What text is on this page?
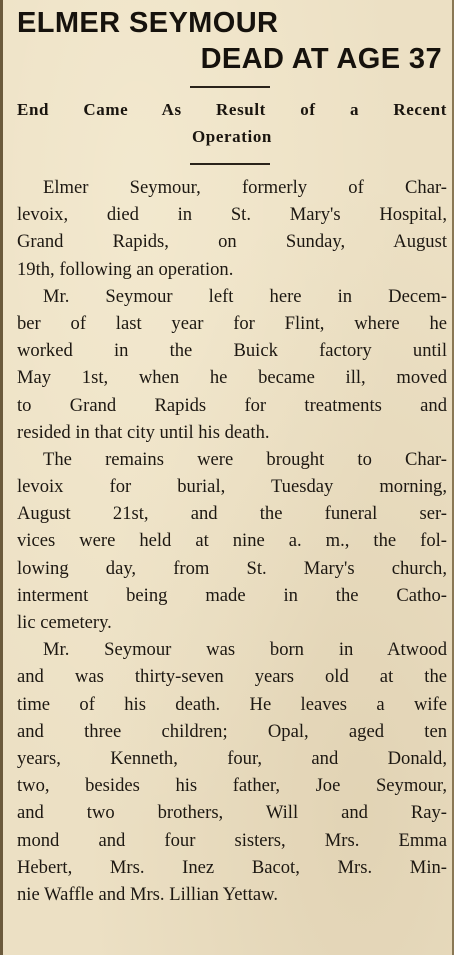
ELMER SEYMOUR
DEAD AT AGE 37
End Came As Result of a Recent
Operation
Elmer Seymour, formerly of Char-
levoix, died in St. Mary's Hospital,
Grand Rapids, on Sunday, August
19th, following an operation.
Mr. Seymour left here in Decem-
ber of last year for Flint, where he
worked in the Buick factory until
May 1st, when he became ill, moved
to Grand Rapids for treatments and
resided in that city until his death.
The remains were brought to Char-
levoix for burial, Tuesday morning,
August 21st, and the funeral ser-
vices were held at nine a. m., the fol-
lowing day, from St. Mary's church,
interment being made in the Catho-
lic cemetery.
Mr. Seymour was born in Atwood
and was thirty-seven years old at the
time of his death. He leaves a wife
and three children; Opal, aged ten
years, Kenneth, four, and Donald,
two, besides his father, Joe Seymour,
and two brothers, Will and Ray-
mond and four sisters, Mrs. Emma
Hebert, Mrs. Inez Bacot, Mrs. Min-
nie Waffle and Mrs. Lillian Yettaw.
